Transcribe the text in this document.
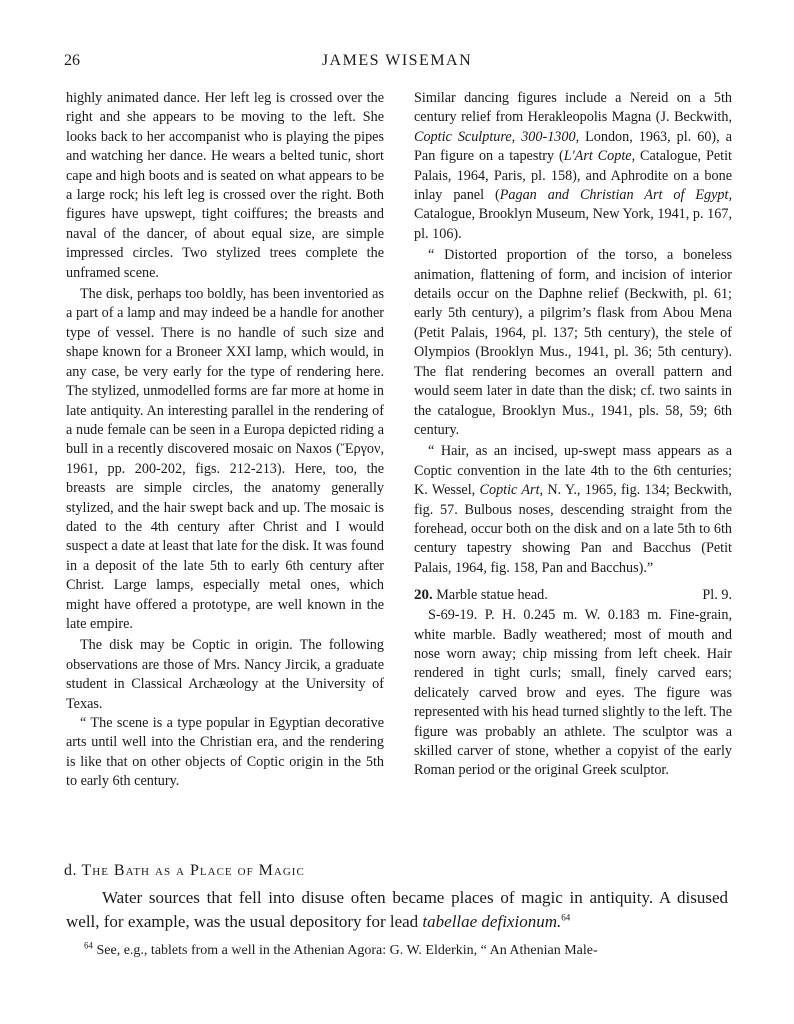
26	JAMES WISEMAN

highly animated dance. Her left leg is crossed over the right and she appears to be moving to the left. She looks back to her accompanist who is playing the pipes and watching her dance. He wears a belted tunic, short cape and high boots and is seated on what appears to be a large rock; his left leg is crossed over the right. Both figures have upswept, tight coiffures; the breasts and naval of the dancer, of about equal size, are simple impressed circles. Two stylized trees complete the unframed scene.

The disk, perhaps too boldly, has been inventoried as a part of a lamp and may indeed be a handle for another type of vessel. There is no handle of such size and shape known for a Broneer XXI lamp, which would, in any case, be very early for the type of rendering here. The stylized, unmodelled forms are far more at home in late antiquity. An interesting parallel in the rendering of a nude female can be seen in a Europa depicted riding a bull in a recently discovered mosaic on Naxos (Ἔργον, 1961, pp. 200-202, figs. 212-213). Here, too, the breasts are simple circles, the anatomy generally stylized, and the hair swept back and up. The mosaic is dated to the 4th century after Christ and I would suspect a date at least that late for the disk. It was found in a deposit of the late 5th to early 6th century after Christ. Large lamps, especially metal ones, which might have offered a prototype, are well known in the late empire.

The disk may be Coptic in origin. The following observations are those of Mrs. Nancy Jircik, a graduate student in Classical Archæology at the University of Texas.

“ The scene is a type popular in Egyptian decorative arts until well into the Christian era, and the rendering is like that on other objects of Coptic origin in the 5th to early 6th century.

Similar dancing figures include a Nereid on a 5th century relief from Herakleopolis Magna (J. Beckwith, Coptic Sculpture, 300-1300, London, 1963, pl. 60), a Pan figure on a tapestry (L'Art Copte, Catalogue, Petit Palais, 1964, Paris, pl. 158), and Aphrodite on a bone inlay panel (Pagan and Christian Art of Egypt, Catalogue, Brooklyn Museum, New York, 1941, p. 167, pl. 106).

“ Distorted proportion of the torso, a boneless animation, flattening of form, and incision of interior details occur on the Daphne relief (Beckwith, pl. 61; early 5th century), a pilgrim’s flask from Abou Mena (Petit Palais, 1964, pl. 137; 5th century), the stele of Olympios (Brooklyn Mus., 1941, pl. 36; 5th century). The flat rendering becomes an overall pattern and would seem later in date than the disk; cf. two saints in the catalogue, Brooklyn Mus., 1941, pls. 58, 59; 6th century.

“ Hair, as an incised, up-swept mass appears as a Coptic convention in the late 4th to the 6th centuries; K. Wessel, Coptic Art, N. Y., 1965, fig. 134; Beckwith, fig. 57. Bulbous noses, descending straight from the forehead, occur both on the disk and on a late 5th to 6th century tapestry showing Pan and Bacchus (Petit Palais, 1964, fig. 158, Pan and Bacchus).”

20. Marble statue head.	Pl. 9.

S-69-19. P. H. 0.245 m. W. 0.183 m. Fine-grain, white marble. Badly weathered; most of mouth and nose worn away; chip missing from left cheek. Hair rendered in tight curls; small, finely carved ears; delicately carved brow and eyes. The figure was represented with his head turned slightly to the left. The figure was probably an athlete. The sculptor was a skilled carver of stone, whether a copyist of the early Roman period or the original Greek sculptor.

d. The Bath as a Place of Magic

Water sources that fell into disuse often became places of magic in antiquity. A disused well, for example, was the usual depository for lead tabellae defixionum.$^{64}$

$^{64}$ See, e.g., tablets from a well in the Athenian Agora: G. W. Elderkin, “ An Athenian Male-
